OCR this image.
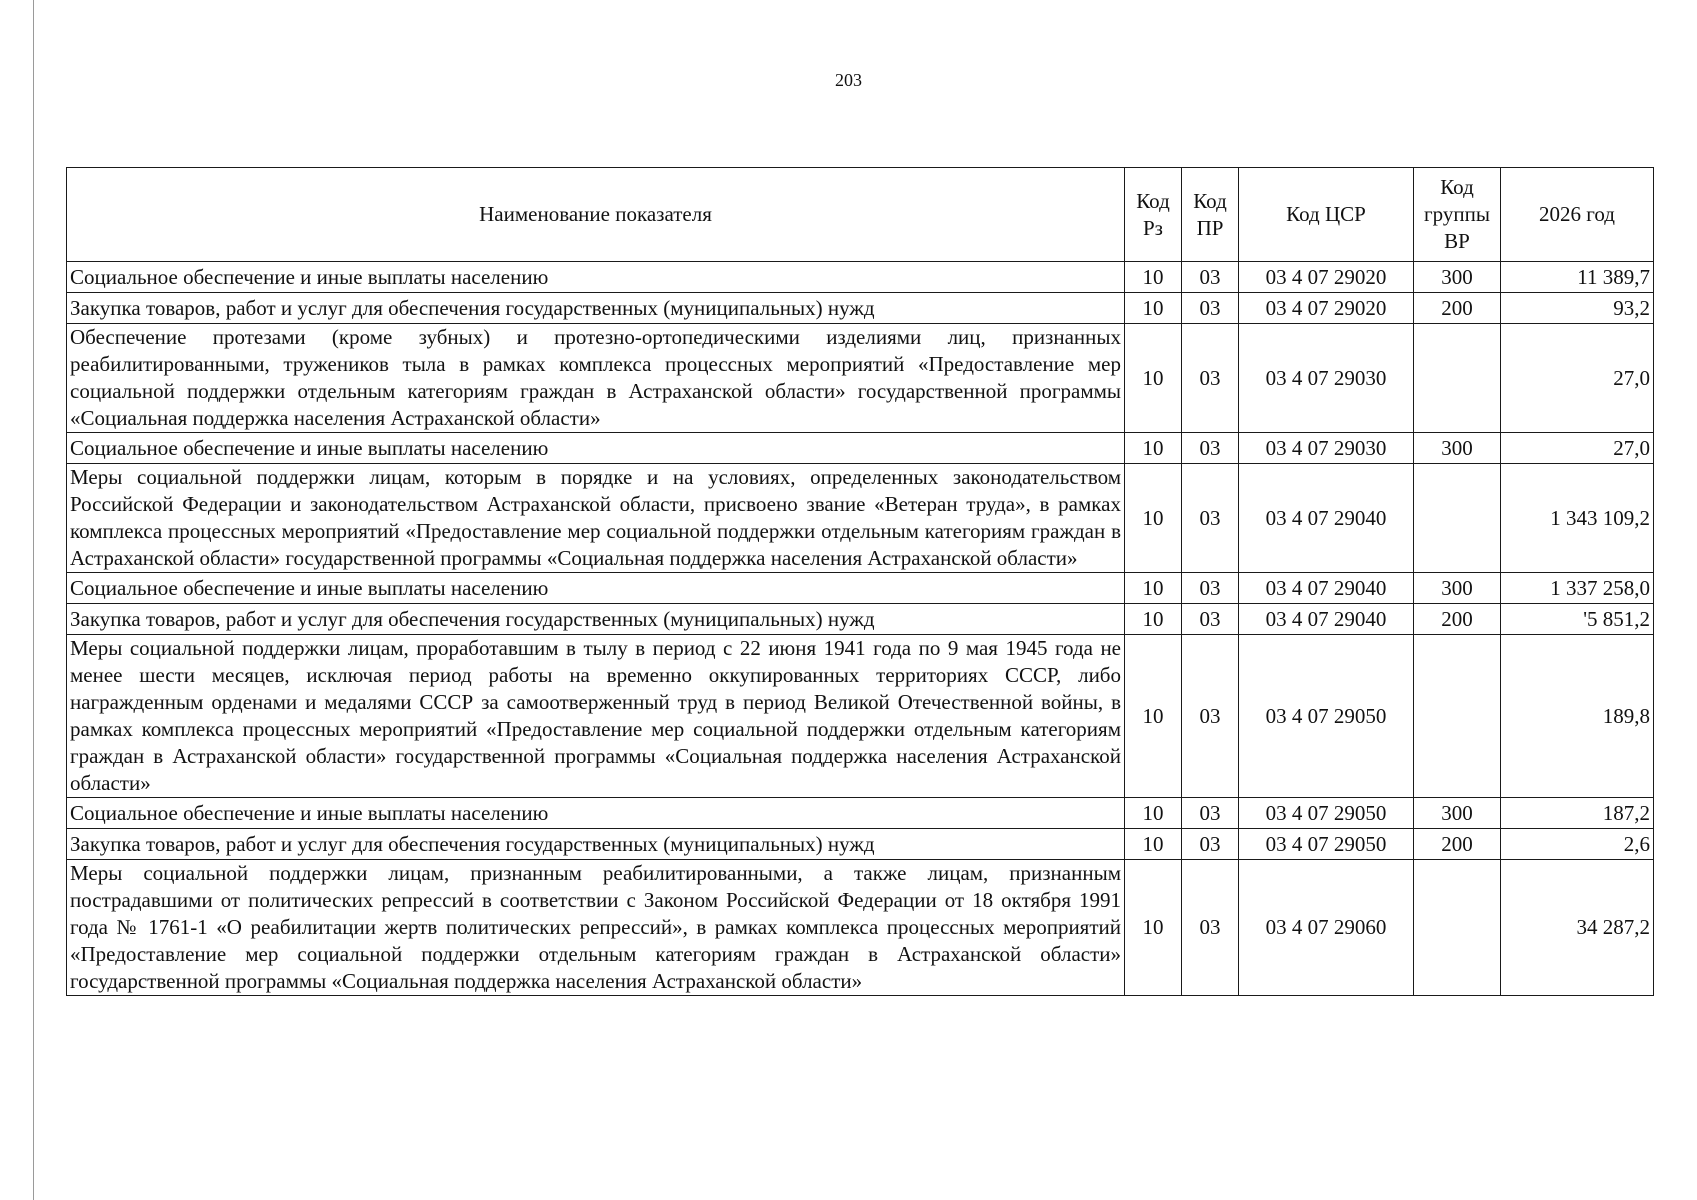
203
Наименование показателя	Код Рз	Код ПР	Код ЦСР	Код группы ВР	2026 год
Социальное обеспечение и иные выплаты населению	10	03	03 4 07 29020	300	11 389,7
Закупка товаров, работ и услуг для обеспечения государственных (муниципальных) нужд	10	03	03 4 07 29020	200	93,2
Обеспечение протезами (кроме зубных) и протезно-ортопедическими изделиями лиц, признанных реабилитированными, тружеников тыла в рамках комплекса процессных мероприятий «Предоставление мер социальной поддержки отдельным категориям граждан в Астраханской области» государственной программы «Социальная поддержка населения Астраханской области»	10	03	03 4 07 29030		27,0
Социальное обеспечение и иные выплаты населению	10	03	03 4 07 29030	300	27,0
Меры социальной поддержки лицам, которым в порядке и на условиях, определенных законодательством Российской Федерации и законодательством Астраханской области, присвоено звание «Ветеран труда», в рамках комплекса процессных мероприятий «Предоставление мер социальной поддержки отдельным категориям граждан в Астраханской области» государственной программы «Социальная поддержка населения Астраханской области»	10	03	03 4 07 29040		1 343 109,2
Социальное обеспечение и иные выплаты населению	10	03	03 4 07 29040	300	1 337 258,0
Закупка товаров, работ и услуг для обеспечения государственных (муниципальных) нужд	10	03	03 4 07 29040	200	'5 851,2
Меры социальной поддержки лицам, проработавшим в тылу в период с 22 июня 1941 года по 9 мая 1945 года не менее шести месяцев, исключая период работы на временно оккупированных территориях СССР, либо награжденным орденами и медалями СССР за самоотверженный труд в период Великой Отечественной войны, в рамках комплекса процессных мероприятий «Предоставление мер социальной поддержки отдельным категориям граждан в Астраханской области» государственной программы «Социальная поддержка населения Астраханской области»	10	03	03 4 07 29050		189,8
Социальное обеспечение и иные выплаты населению	10	03	03 4 07 29050	300	187,2
Закупка товаров, работ и услуг для обеспечения государственных (муниципальных) нужд	10	03	03 4 07 29050	200	2,6
Меры социальной поддержки лицам, признанным реабилитированными, а также лицам, признанным пострадавшими от политических репрессий в соответствии с Законом Российской Федерации от 18 октября 1991 года № 1761-1 «О реабилитации жертв политических репрессий», в рамках комплекса процессных мероприятий «Предоставление мер социальной поддержки отдельным категориям граждан в Астраханской области» государственной программы «Социальная поддержка населения Астраханской области»	10	03	03 4 07 29060		34 287,2
